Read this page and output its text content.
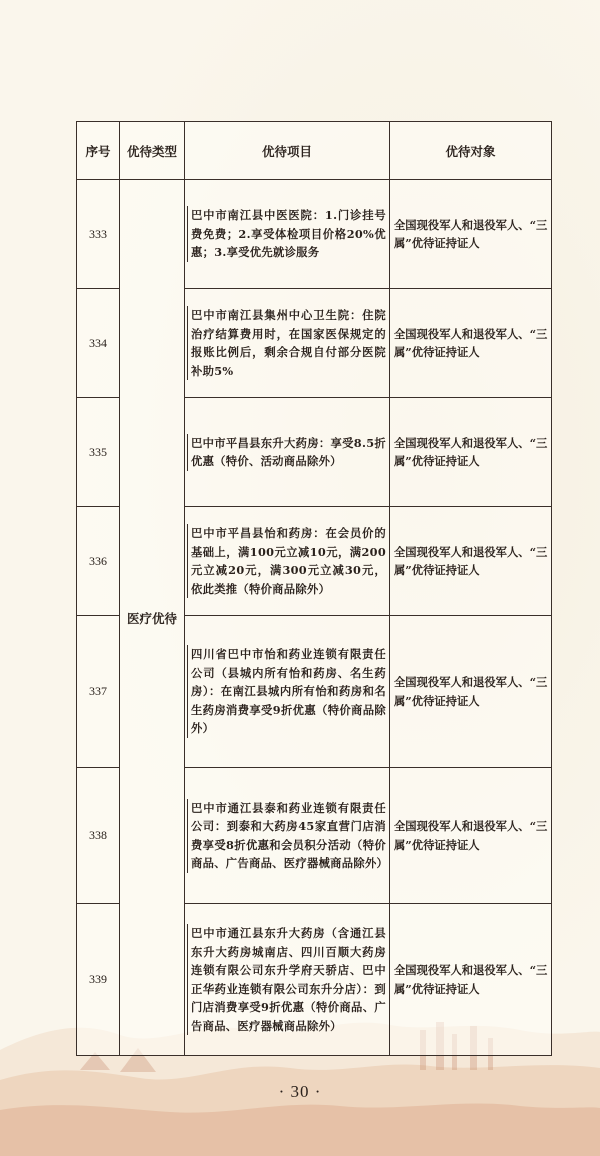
序号	优待类型	优待项目	优待对象
333	医疗优待	巴中市南江县中医医院：1.门诊挂号费免费；2.享受体检项目价格20%优惠；3.享受优先就诊服务	全国现役军人和退役军人、“三属”优待证持证人
334		巴中市南江县集州中心卫生院：住院治疗结算费用时，在国家医保规定的报账比例后，剩余合规自付部分医院补助5%	全国现役军人和退役军人、“三属”优待证持证人
335		巴中市平昌县东升大药房：享受8.5折优惠（特价、活动商品除外）	全国现役军人和退役军人、“三属”优待证持证人
336		巴中市平昌县怡和药房：在会员价的基础上，满100元立减10元，满200元立减20元，满300元立减30元，依此类推（特价商品除外）	全国现役军人和退役军人、“三属”优待证持证人
337		四川省巴中市怡和药业连锁有限责任公司（县城内所有怡和药房、名生药房）：在南江县城内所有怡和药房和名生药房消费享受9折优惠（特价商品除外）	全国现役军人和退役军人、“三属”优待证持证人
338		巴中市通江县泰和药业连锁有限责任公司：到泰和大药房45家直营门店消费享受8折优惠和会员积分活动（特价商品、广告商品、医疗器械商品除外）	全国现役军人和退役军人、“三属”优待证持证人
339		巴中市通江县东升大药房（含通江县东升大药房城南店、四川百顺大药房连锁有限公司东升学府天骄店、巴中正华药业连锁有限公司东升分店）：到门店消费享受9折优惠（特价商品、广告商品、医疗器械商品除外）	全国现役军人和退役军人、“三属”优待证持证人
· 30 ·
